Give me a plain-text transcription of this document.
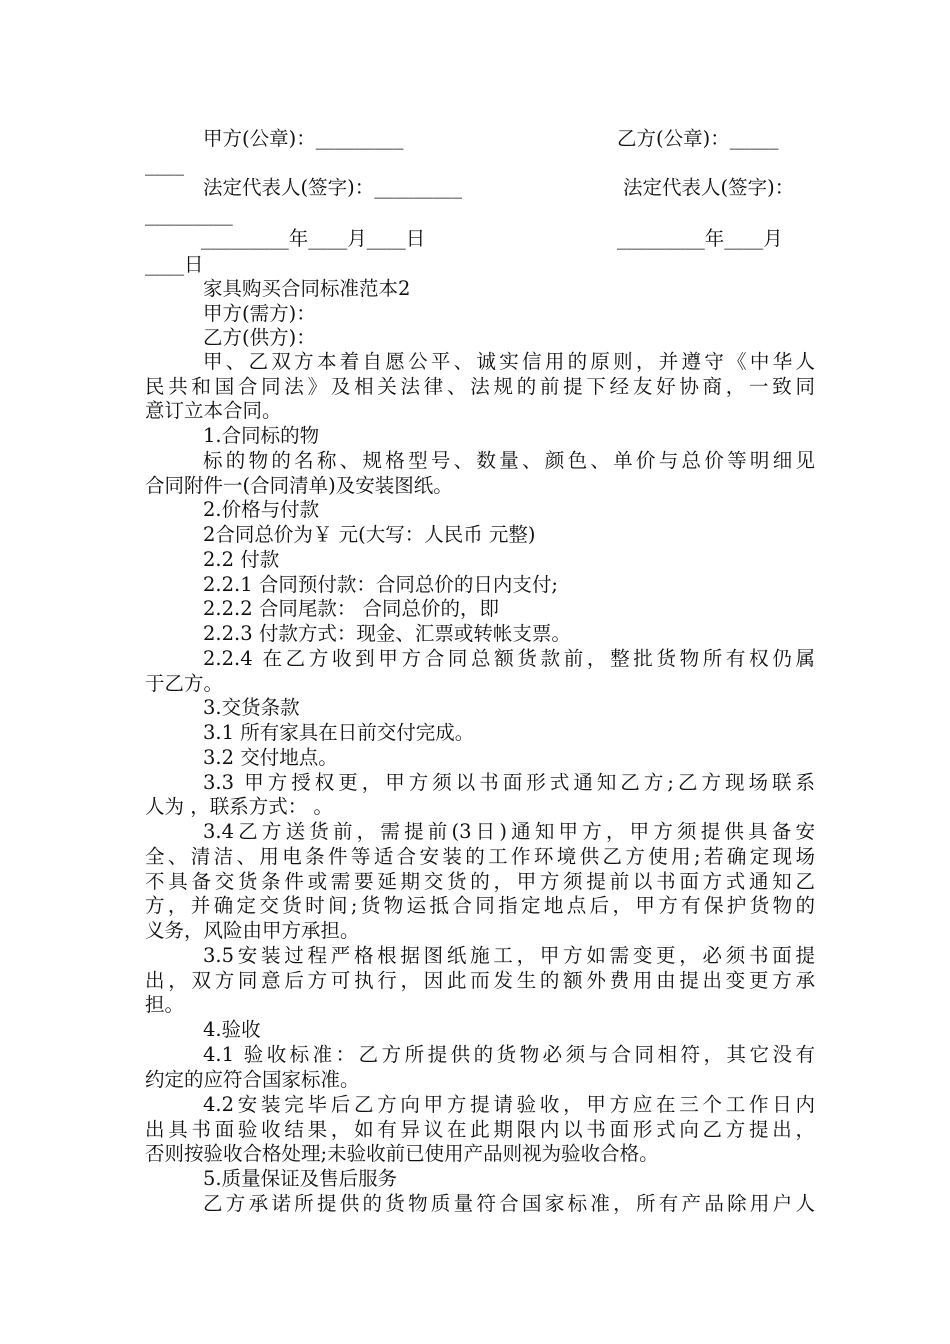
甲方(公章)：_________	乙方(公章)：_____
____
法定代表人(签字)：_________	法定代表人(签字)：
_________
_________年____月____日	_________年____月
____日
家具购买合同标准范本2
甲方(需方)：
乙方(供方)：
甲、乙双方本着自愿公平、诚实信用的原则，并遵守《中华人
民共和国合同法》及相关法律、法规的前提下经友好协商，一致同
意订立本合同。
1.合同标的物
标的物的名称、规格型号、数量、颜色、单价与总价等明细见
合同附件一(合同清单)及安装图纸。
2.价格与付款
2合同总价为￥ 元(大写：人民币 元整)
2.2 付款
2.2.1 合同预付款：合同总价的日内支付;
2.2.2 合同尾款： 合同总价的，即
2.2.3 付款方式：现金、汇票或转帐支票。
2.2.4 在乙方收到甲方合同总额货款前，整批货物所有权仍属
于乙方。
3.交货条款
3.1 所有家具在日前交付完成。
3.2 交付地点。
3.3 甲方授权更，甲方须以书面形式通知乙方;乙方现场联系
人为 ，联系方式： 。
3.4乙方送货前，需提前(3日)通知甲方，甲方须提供具备安
全、清洁、用电条件等适合安装的工作环境供乙方使用;若确定现场
不具备交货条件或需要延期交货的，甲方须提前以书面方式通知乙
方，并确定交货时间;货物运抵合同指定地点后，甲方有保护货物的
义务，风险由甲方承担。
3.5安装过程严格根据图纸施工，甲方如需变更，必须书面提
出，双方同意后方可执行，因此而发生的额外费用由提出变更方承
担。
4.验收
4.1 验收标准：乙方所提供的货物必须与合同相符，其它没有
约定的应符合国家标准。
4.2安装完毕后乙方向甲方提请验收，甲方应在三个工作日内
出具书面验收结果，如有异议在此期限内以书面形式向乙方提出，
否则按验收合格处理;未验收前已使用产品则视为验收合格。
5.质量保证及售后服务
乙方承诺所提供的货物质量符合国家标准，所有产品除用户人
